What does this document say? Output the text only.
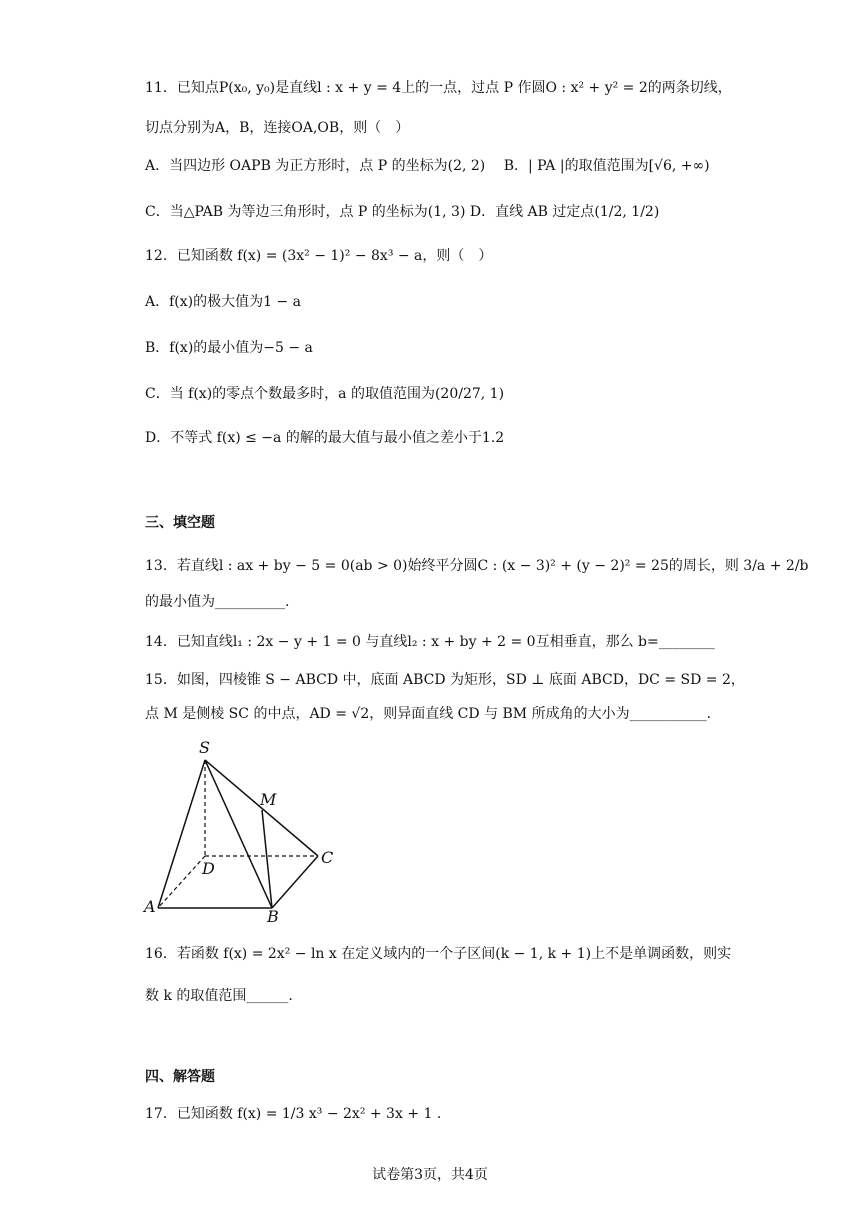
11．已知点P(x₀, y₀)是直线l : x + y = 4上的一点，过点 P 作圆O : x² + y² = 2的两条切线，
切点分别为A，B，连接OA,OB，则（　）
A．当四边形 OAPB 为正方形时，点 P 的坐标为(2, 2)　 B．| PA |的取值范围为[√6, +∞)
C．当△PAB 为等边三角形时，点 P 的坐标为(1, 3) D．直线 AB 过定点(1/2, 1/2)
12．已知函数 f(x) = (3x² − 1)² − 8x³ − a，则（　）
A．f(x)的极大值为1 − a
B．f(x)的最小值为−5 − a
C．当 f(x)的零点个数最多时，a 的取值范围为(20/27, 1)
D．不等式 f(x) ≤ −a 的解的最大值与最小值之差小于1.2
三、填空题
13．若直线l : ax + by − 5 = 0(ab > 0)始终平分圆C : (x − 3)² + (y − 2)² = 25的周长，则 3/a + 2/b
的最小值为__________.
14．已知直线l₁ : 2x − y + 1 = 0 与直线l₂ : x + by + 2 = 0互相垂直，那么 b=________
15．如图，四棱锥 S − ABCD 中，底面 ABCD 为矩形，SD ⊥ 底面 ABCD，DC = SD = 2，
点 M 是侧棱 SC 的中点，AD = √2，则异面直线 CD 与 BM 所成角的大小为___________.
S
M
D
C
A
B
16．若函数 f(x) = 2x² − ln x 在定义域内的一个子区间(k − 1, k + 1)上不是单调函数，则实
数 k 的取值范围______.
四、解答题
17．已知函数 f(x) = 1/3 x³ − 2x² + 3x + 1 .
试卷第3页，共4页
